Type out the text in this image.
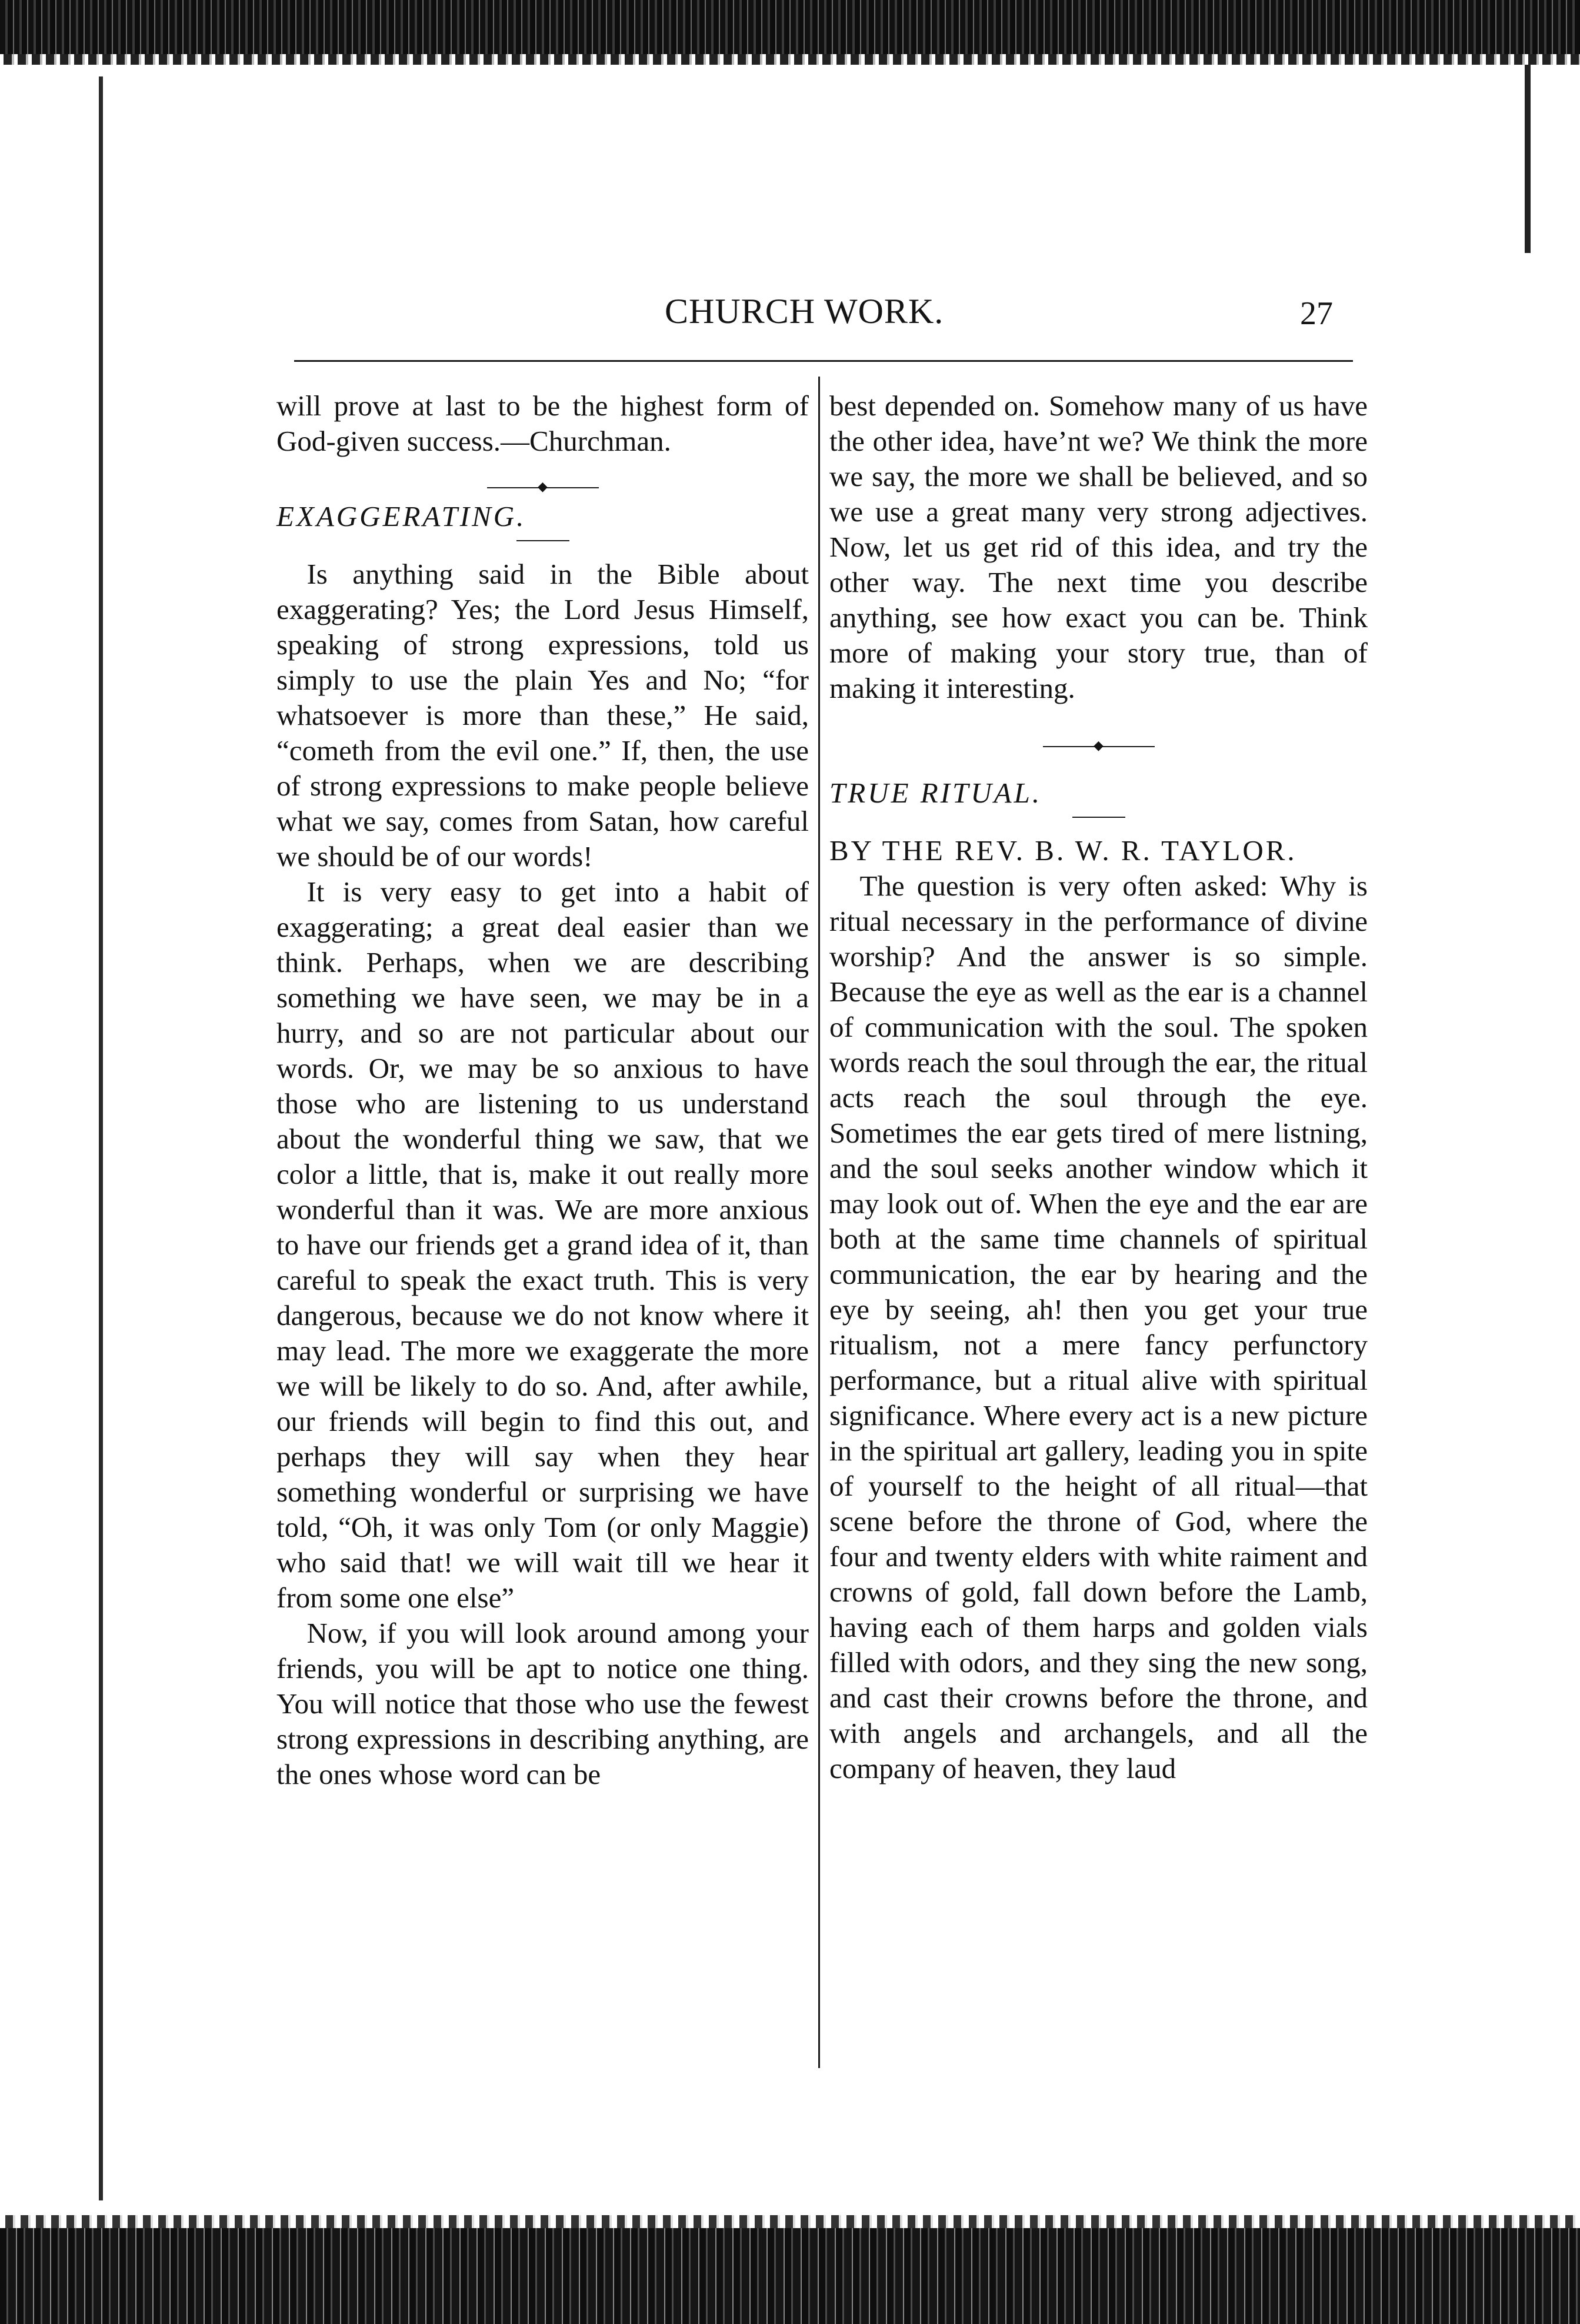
CHURCH WORK.	27

will prove at last to be the highest form of God-given success.—Churchman.

◆

EXAGGERATING.

Is anything said in the Bible about exaggerating? Yes; the Lord Jesus Himself, speaking of strong expressions, told us simply to use the plain Yes and No; “for whatsoever is more than these,” He said, “cometh from the evil one.” If, then, the use of strong expressions to make people believe what we say, comes from Satan, how careful we should be of our words!

It is very easy to get into a habit of exaggerating; a great deal easier than we think. Perhaps, when we are describing something we have seen, we may be in a hurry, and so are not particular about our words. Or, we may be so anxious to have those who are listening to us understand about the wonderful thing we saw, that we color a little, that is, make it out really more wonderful than it was. We are more anxious to have our friends get a grand idea of it, than careful to speak the exact truth. This is very dangerous, because we do not know where it may lead. The more we exaggerate the more we will be likely to do so. And, after awhile, our friends will begin to find this out, and perhaps they will say when they hear something wonderful or surprising we have told, “Oh, it was only Tom (or only Maggie) who said that! we will wait till we hear it from some one else”

Now, if you will look around among your friends, you will be apt to notice one thing. You will notice that those who use the fewest strong expressions in describing anything, are the ones whose word can be

best depended on. Somehow many of us have the other idea, have’nt we? We think the more we say, the more we shall be believed, and so we use a great many very strong adjectives. Now, let us get rid of this idea, and try the other way. The next time you describe anything, see how exact you can be. Think more of making your story true, than of making it interesting.

◆

TRUE RITUAL.

BY THE REV. B. W. R. TAYLOR.

The question is very often asked: Why is ritual necessary in the performance of divine worship? And the answer is so simple. Because the eye as well as the ear is a channel of communication with the soul. The spoken words reach the soul through the ear, the ritual acts reach the soul through the eye. Sometimes the ear gets tired of mere listning, and the soul seeks another window which it may look out of. When the eye and the ear are both at the same time channels of spiritual communication, the ear by hearing and the eye by seeing, ah! then you get your true ritualism, not a mere fancy perfunctory performance, but a ritual alive with spiritual significance. Where every act is a new picture in the spiritual art gallery, leading you in spite of yourself to the height of all ritual—that scene before the throne of God, where the four and twenty elders with white raiment and crowns of gold, fall down before the Lamb, having each of them harps and golden vials filled with odors, and they sing the new song, and cast their crowns before the throne, and with angels and archangels, and all the company of heaven, they laud
